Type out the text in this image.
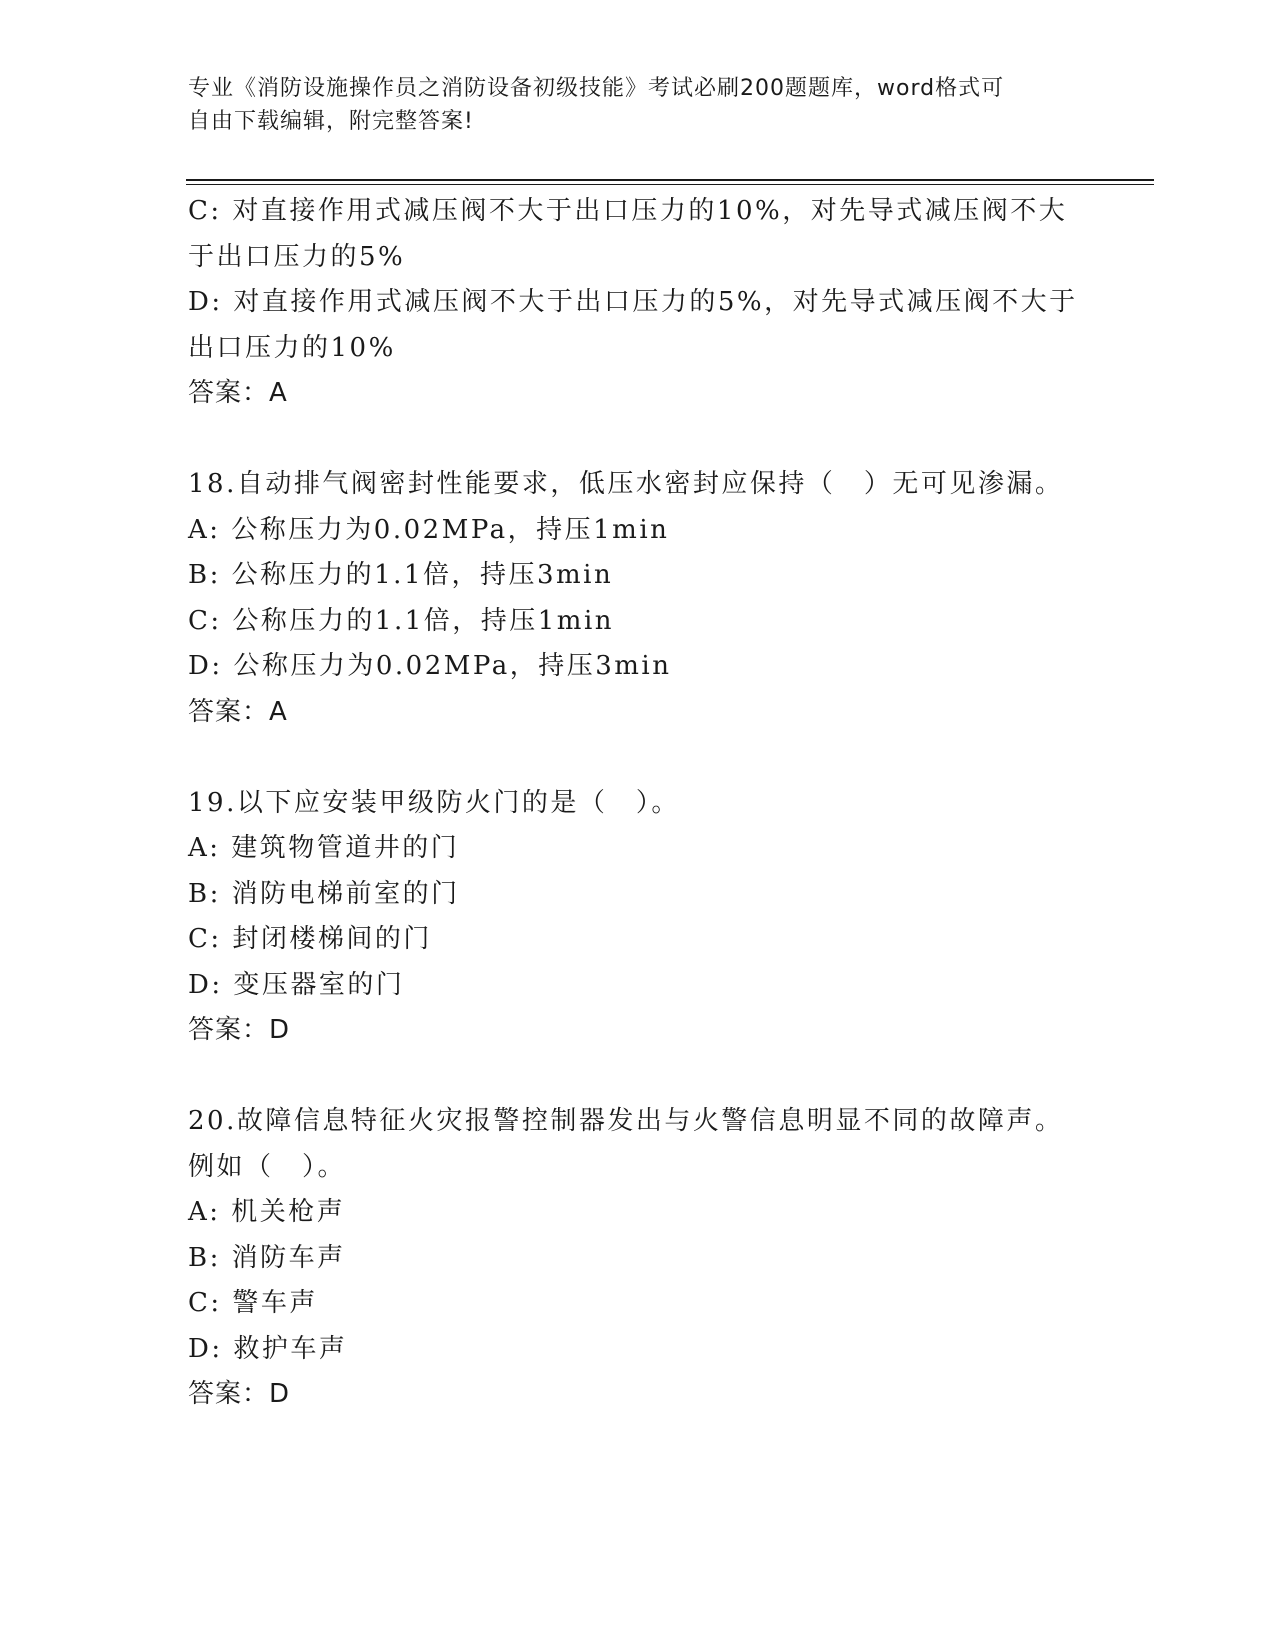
专业《消防设施操作员之消防设备初级技能》考试必刷200题题库，word格式可
自由下载编辑，附完整答案!
C: 对直接作用式减压阀不大于出口压力的10%，对先导式减压阀不大
于出口压力的5%
D: 对直接作用式减压阀不大于出口压力的5%，对先导式减压阀不大于
出口压力的10%
答案：A
18.自动排气阀密封性能要求，低压水密封应保持（　）无可见渗漏。
A: 公称压力为0.02MPa，持压1min
B: 公称压力的1.1倍，持压3min
C: 公称压力的1.1倍，持压1min
D: 公称压力为0.02MPa，持压3min
答案：A
19.以下应安装甲级防火门的是（　）。
A: 建筑物管道井的门
B: 消防电梯前室的门
C: 封闭楼梯间的门
D: 变压器室的门
答案：D
20.故障信息特征火灾报警控制器发出与火警信息明显不同的故障声。
例如（　）。
A: 机关枪声
B: 消防车声
C: 警车声
D: 救护车声
答案：D
